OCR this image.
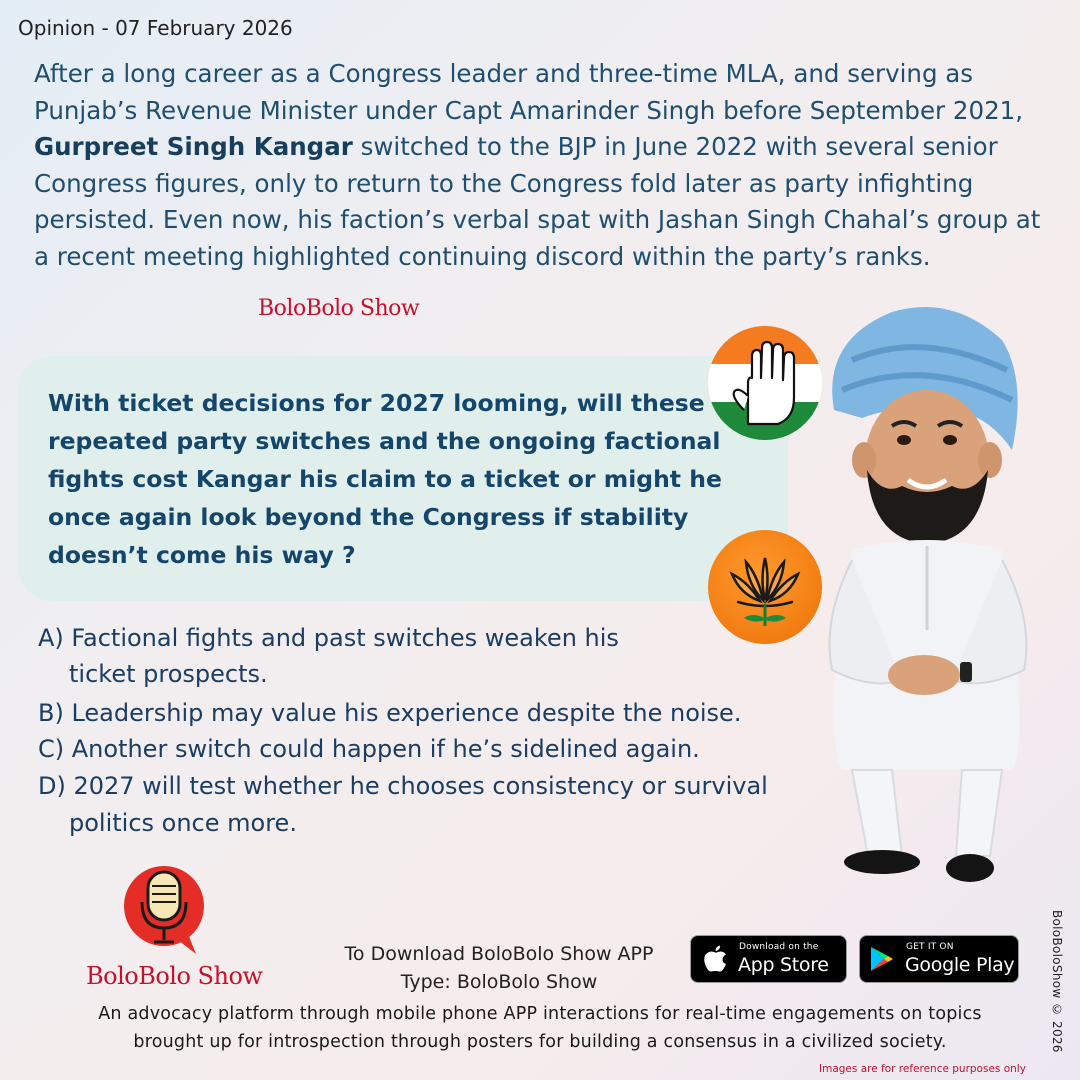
Opinion - 07 February 2026

After a long career as a Congress leader and three-time MLA, and serving as Punjab’s Revenue Minister under Capt Amarinder Singh before September 2021, Gurpreet Singh Kangar switched to the BJP in June 2022 with several senior Congress figures, only to return to the Congress fold later as party infighting persisted. Even now, his faction’s verbal spat with Jashan Singh Chahal’s group at a recent meeting highlighted continuing discord within the party’s ranks.

BoloBolo Show
With ticket decisions for 2027 looming, will these repeated party switches and the ongoing factional fights cost Kangar his claim to a ticket or might he once again look beyond the Congress if stability doesn’t come his way ?
A) Factional fights and past switches weaken his
ticket prospects.
B) Leadership may value his experience despite the noise.
C) Another switch could happen if he’s sidelined again.
D) 2027 will test whether he chooses consistency or survival
politics once more.
BoloBolo Show
To Download BoloBolo Show APP
Type: BoloBolo Show
Download on the
App Store
GET IT ON
Google Play
An advocacy platform through mobile phone APP interactions for real-time engagements on topics
brought up for introspection through posters for building a consensus in a civilized society.	BoloBoloShow © 2026
Images are for reference purposes only
